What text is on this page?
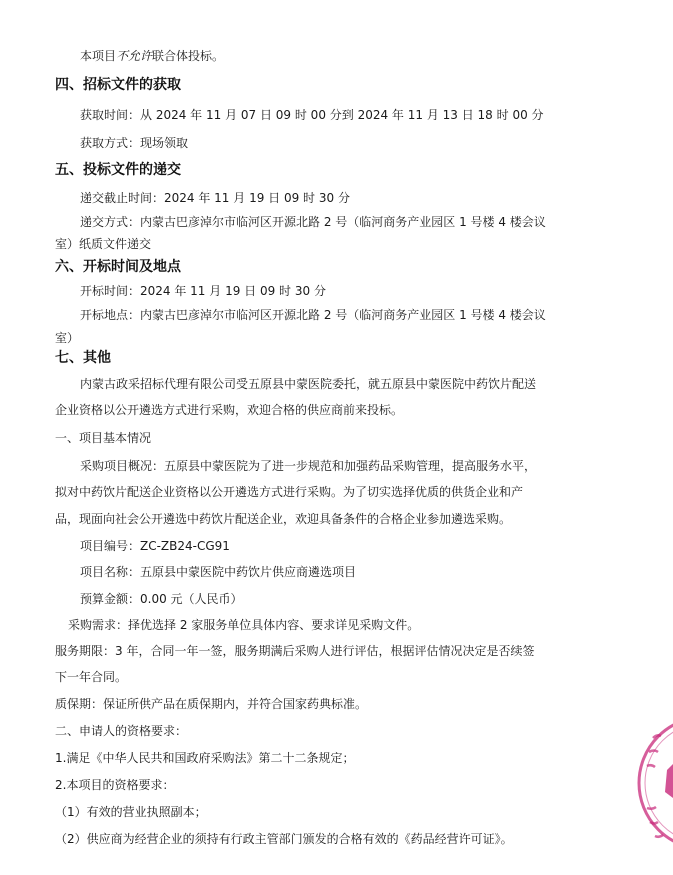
本项目不允许联合体投标。
四、招标文件的获取
获取时间：从 2024 年 11 月 07 日 09 时 00 分到 2024 年 11 月 13 日 18 时 00 分
获取方式：现场领取
五、投标文件的递交
递交截止时间：2024 年 11 月 19 日 09 时 30 分
递交方式：内蒙古巴彦淖尔市临河区开源北路 2 号（临河商务产业园区 1 号楼 4 楼会议
室）纸质文件递交
六、开标时间及地点
开标时间：2024 年 11 月 19 日 09 时 30 分
开标地点：内蒙古巴彦淖尔市临河区开源北路 2 号（临河商务产业园区 1 号楼 4 楼会议
室）
七、其他
内蒙古政采招标代理有限公司受五原县中蒙医院委托，就五原县中蒙医院中药饮片配送
企业资格以公开遴选方式进行采购，欢迎合格的供应商前来投标。
一、项目基本情况
采购项目概况：五原县中蒙医院为了进一步规范和加强药品采购管理，提高服务水平，
拟对中药饮片配送企业资格以公开遴选方式进行采购。为了切实选择优质的供货企业和产
品，现面向社会公开遴选中药饮片配送企业，欢迎具备条件的合格企业参加遴选采购。
项目编号：ZC-ZB24-CG91
项目名称：五原县中蒙医院中药饮片供应商遴选项目
预算金额：0.00 元（人民币）
采购需求：择优选择 2 家服务单位具体内容、要求详见采购文件。
服务期限：3 年，合同一年一签，服务期满后采购人进行评估，根据评估情况决定是否续签
下一年合同。
质保期：保证所供产品在质保期内，并符合国家药典标准。
二、申请人的资格要求：
1.满足《中华人民共和国政府采购法》第二十二条规定；
2.本项目的资格要求：
（1）有效的营业执照副本；
（2）供应商为经营企业的须持有行政主管部门颁发的合格有效的《药品经营许可证》。
